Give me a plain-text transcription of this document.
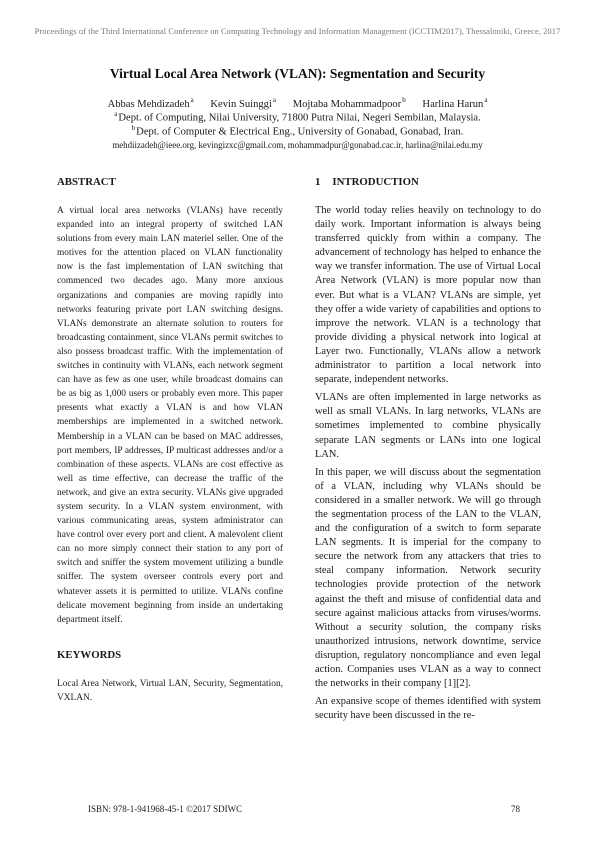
Proceedings of the Third International Conference on Computing Technology and Information Management (ICCTIM2017), Thessaloniki, Greece, 2017
Virtual Local Area Network (VLAN): Segmentation and Security
Abbas Mehdizadeh$^a$ Kevin Suinggi$^a$ Mojtaba Mohammadpoor$^b$ Harlina Harun$^a$
$^a$Dept. of Computing, Nilai University, 71800 Putra Nilai, Negeri Sembilan, Malaysia.
$^b$Dept. of Computer & Electrical Eng., University of Gonabad, Gonabad, Iran.
mehdiizadeh@ieee.org, kevingizxc@gmail.com, mohammadpur@gonabad.cac.ir, harlina@nilai.edu.my
ABSTRACT

A virtual local area networks (VLANs) have recently expanded into an integral property of switched LAN solutions from every main LAN materiel seller. One of the motives for the attention placed on VLAN functionality now is the fast implementation of LAN switching that commenced two decades ago. Many more anxious organizations and companies are moving rapidly into networks featuring private port LAN switching designs. VLANs demonstrate an alternate solution to routers for broadcasting containment, since VLANs permit switches to also possess broadcast traffic. With the implementation of switches in continuity with VLANs, each network segment can have as few as one user, while broadcast domains can be as big as 1,000 users or probably even more. This paper presents what exactly a VLAN is and how VLAN memberships are implemented in a switched network. Membership in a VLAN can be based on MAC addresses, port members, IP addresses, IP multicast addresses and/or a combination of these aspects. VLANs are cost effective as well as time effective, can decrease the traffic of the network, and give an extra security. VLANs give upgraded system security. In a VLAN system environment, with various communicating areas, system administrator can have control over every port and client. A malevolent client can no more simply connect their station to any port of switch and sniffer the system movement utilizing a bundle sniffer. The system overseer controls every port and whatever assets it is permitted to utilize. VLANs confine delicate movement beginning from inside an undertaking department itself.

KEYWORDS

Local Area Network, Virtual LAN, Security, Segmentation, VXLAN.

1 INTRODUCTION

The world today relies heavily on technology to do daily work. Important information is always being transferred quickly from within a company. The advancement of technology has helped to enhance the way we transfer information. The use of Virtual Local Area Network (VLAN) is more popular now than ever. But what is a VLAN? VLANs are simple, yet they offer a wide variety of capabilities and options to improve the network. VLAN is a technology that provide dividing a physical network into logical at Layer two. Functionally, VLANs allow a network administrator to partition a local network into separate, independent networks.

VLANs are often implemented in large networks as well as small VLANs. In larg networks, VLANs are sometimes implemented to combine physically separate LAN segments or LANs into one logical LAN.

In this paper, we will discuss about the segmentation of a VLAN, including why VLANs should be considered in a smaller network. We will go through the segmentation process of the LAN to the VLAN, and the configuration of a switch to form separate LAN segments. It is imperial for the company to secure the network from any attackers that tries to steal company information. Network security technologies provide protection of the network against the theft and misuse of confidential data and secure against malicious attacks from viruses/worms. Without a security solution, the company risks unauthorized intrusions, network downtime, service disruption, regulatory noncompliance and even legal action. Companies uses VLAN as a way to connect the networks in their company [1][2].

An expansive scope of themes identified with system security have been discussed in the re-

ISBN: 978-1-941968-45-1 ©2017 SDIWC	78
